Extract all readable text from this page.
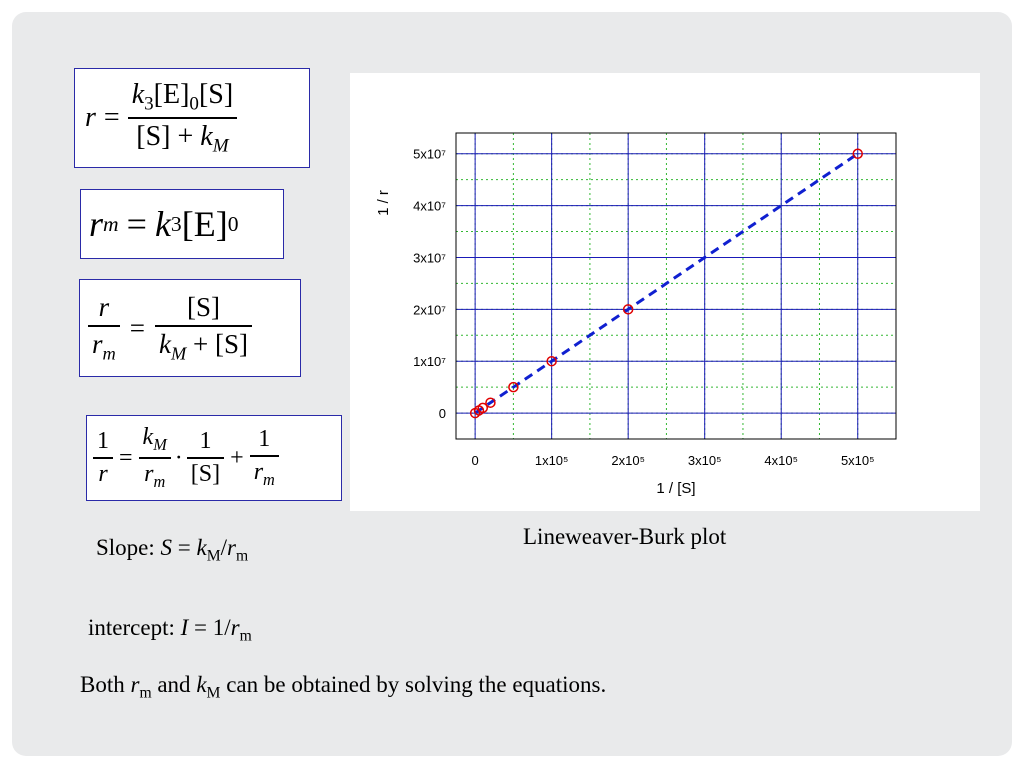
$r = \frac{k_3[E]_0[S]}{[S] + k_M}$
r m = k 3 [E] 0
$\frac{r}{r_m} = \frac{[S]}{k_M + [S]}$
$\frac{1}{r} = \frac{k_M}{r_m} \cdot \frac{1}{[S]} + \frac{1}{r_m}$
Slope: $S = k_M/r_m$
intercept: $I = 1/r_m$
Both $r_m$ and $k_M$ can be obtained by solving the equations.
Lineweaver-Burk plot
0	1x10⁵	2x10⁵	3x10⁵	4x10⁵	5x10⁵
0
1x10⁷
2x10⁷
3x10⁷
4x10⁷
5x10⁷
1 / [S]
1 / r
